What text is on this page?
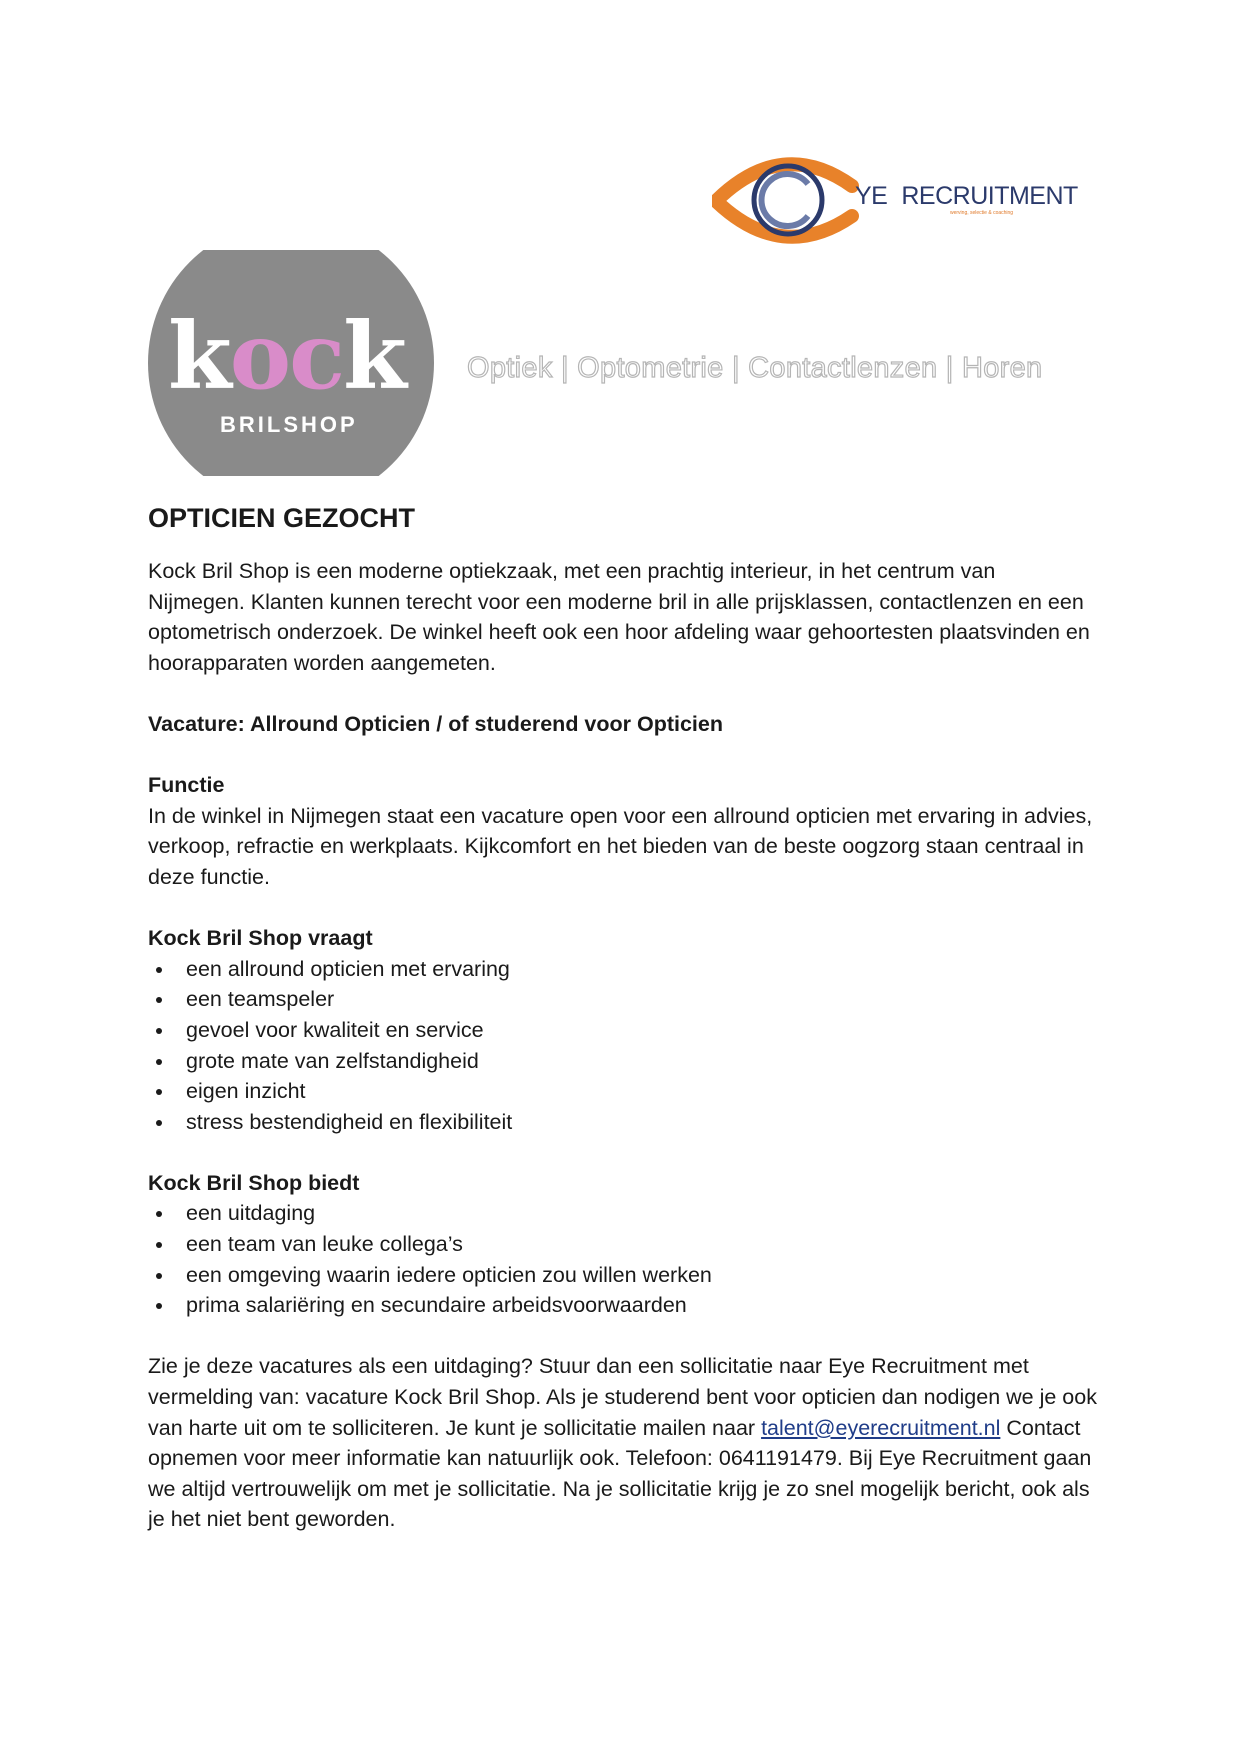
YE RECRUITMENT
werving, selectie & coaching
kock
BRILSHOP
Optiek | Optometrie | Contactlenzen | Horen
OPTICIEN GEZOCHT

Kock Bril Shop is een moderne optiekzaak, met een prachtig interieur, in het centrum van Nijmegen. Klanten kunnen terecht voor een moderne bril in alle prijsklassen, contactlenzen en een optometrisch onderzoek. De winkel heeft ook een hoor afdeling waar gehoortesten plaatsvinden en hoorapparaten worden aangemeten.

Vacature: Allround Opticien / of studerend voor Opticien

Functie

In de winkel in Nijmegen staat een vacature open voor een allround opticien met ervaring in advies, verkoop, refractie en werkplaats. Kijkcomfort en het bieden van de beste oogzorg staan centraal in deze functie.

Kock Bril Shop vraagt

een allround opticien met ervaring
een teamspeler
gevoel voor kwaliteit en service
grote mate van zelfstandigheid
eigen inzicht
stress bestendigheid en flexibiliteit

Kock Bril Shop biedt

een uitdaging
een team van leuke collega’s
een omgeving waarin iedere opticien zou willen werken
prima salariëring en secundaire arbeidsvoorwaarden

Zie je deze vacatures als een uitdaging? Stuur dan een sollicitatie naar Eye Recruitment met vermelding van: vacature Kock Bril Shop. Als je studerend bent voor opticien dan nodigen we je ook van harte uit om te solliciteren. Je kunt je sollicitatie mailen naar talent@eyerecruitment.nl Contact opnemen voor meer informatie kan natuurlijk ook. Telefoon: 0641191479. Bij Eye Recruitment gaan we altijd vertrouwelijk om met je sollicitatie. Na je sollicitatie krijg je zo snel mogelijk bericht, ook als je het niet bent geworden.
